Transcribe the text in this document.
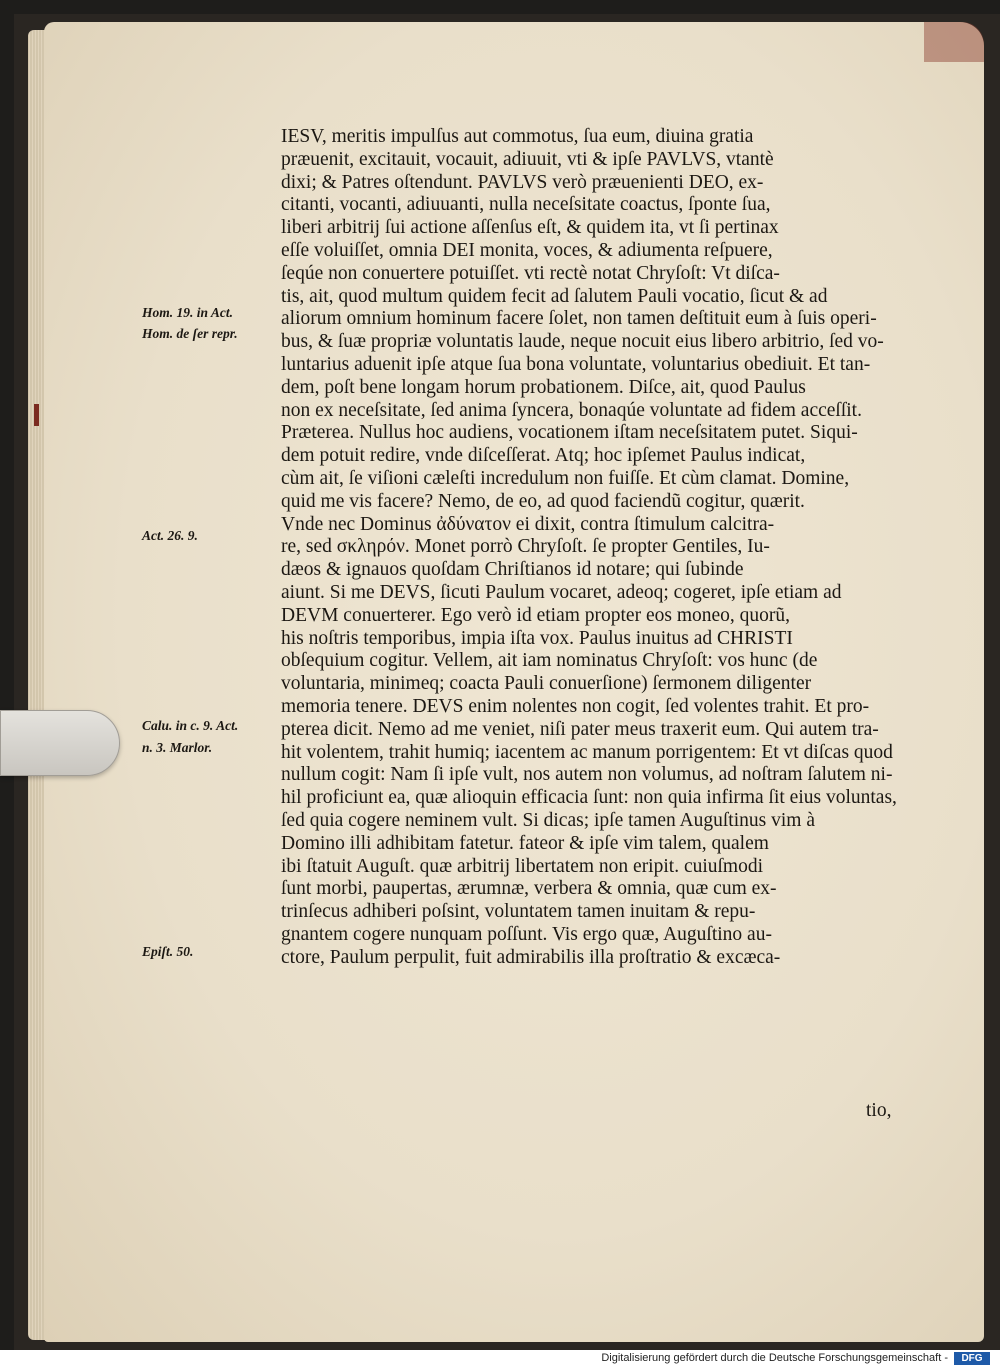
IESV, meritis impulſus aut commotus, ſua eum, diuina gratia
præuenit, excitauit, vocauit, adiuuit, vti & ipſe PAVLVS, vtantè
dixi; & Patres oſtendunt. PAVLVS verò præuenienti DEO, ex-
citanti, vocanti, adiuuanti, nulla neceſsitate coactus, ſponte ſua,
liberi arbitrij ſui actione aſſenſus eſt, & quidem ita, vt ſi pertinax
eſſe voluiſſet, omnia DEI monita, voces, & adiumenta reſpuere,
ſeqúe non conuertere potuiſſet. vti rectè notat Chryſoſt: Vt diſca-
tis, ait, quod multum quidem fecit ad ſalutem Pauli vocatio, ſicut & ad
aliorum omnium hominum facere ſolet, non tamen deſtituit eum à ſuis operi-
bus, & ſuæ propriæ voluntatis laude, neque nocuit eius libero arbitrio, ſed vo-
luntarius aduenit ipſe atque ſua bona voluntate, voluntarius obediuit. Et tan-
dem, poſt bene longam horum probationem. Diſce, ait, quod Paulus
non ex neceſsitate, ſed anima ſyncera, bonaqúe voluntate ad fidem acceſſit.
Præterea. Nullus hoc audiens, vocationem iſtam neceſsitatem putet. Siqui-
dem potuit redire, vnde diſceſſerat. Atq; hoc ipſemet Paulus indicat,
cùm ait, ſe viſioni cæleſti incredulum non fuiſſe. Et cùm clamat. Domine,
quid me vis facere? Nemo, de eo, ad quod faciendũ cogitur, quærit.
Vnde nec Dominus ἀδύνατον ei dixit, contra ſtimulum calcitra-
re, sed σκληρόν. Monet porrò Chryſoſt. ſe propter Gentiles, Iu-
dæos & ignauos quoſdam Chriſtianos id notare; qui ſubinde
aiunt. Si me DEVS, ſicuti Paulum vocaret, adeoq; cogeret, ipſe etiam ad
DEVM conuerterer. Ego verò id etiam propter eos moneo, quorũ,
his noſtris temporibus, impia iſta vox. Paulus inuitus ad CHRISTI
obſequium cogitur. Vellem, ait iam nominatus Chryſoſt: vos hunc (de
voluntaria, minimeq; coacta Pauli conuerſione) ſermonem diligenter
memoria tenere. DEVS enim nolentes non cogit, ſed volentes trahit. Et pro-
pterea dicit. Nemo ad me veniet, niſi pater meus traxerit eum. Qui autem tra-
hit volentem, trahit humiq; iacentem ac manum porrigentem: Et vt diſcas quod
nullum cogit: Nam ſi ipſe vult, nos autem non volumus, ad noſtram ſalutem ni-
hil proficiunt ea, quæ alioquin efficacia ſunt: non quia infirma ſit eius voluntas,
ſed quia cogere neminem vult. Si dicas; ipſe tamen Auguſtinus vim à
Domino illi adhibitam fatetur. fateor & ipſe vim talem, qualem
ibi ſtatuit Auguſt. quæ arbitrij libertatem non eripit. cuiuſmodi
ſunt morbi, paupertas, ærumnæ, verbera & omnia, quæ cum ex-
trinſecus adhiberi poſsint, voluntatem tamen inuitam & repu-
gnantem cogere nunquam poſſunt. Vis ergo quæ, Auguſtino au-
ctore, Paulum perpulit, fuit admirabilis illa proſtratio & excæca-
Hom. 19. in Act.
Hom. de ſer repr.
Act. 26. 9.
Calu. in c. 9. Act.
n. 3. Marlor.
Epiſt. 50.
tio,
Digitalisierung gefördert durch die Deutsche Forschungsgemeinschaft -	DFG
